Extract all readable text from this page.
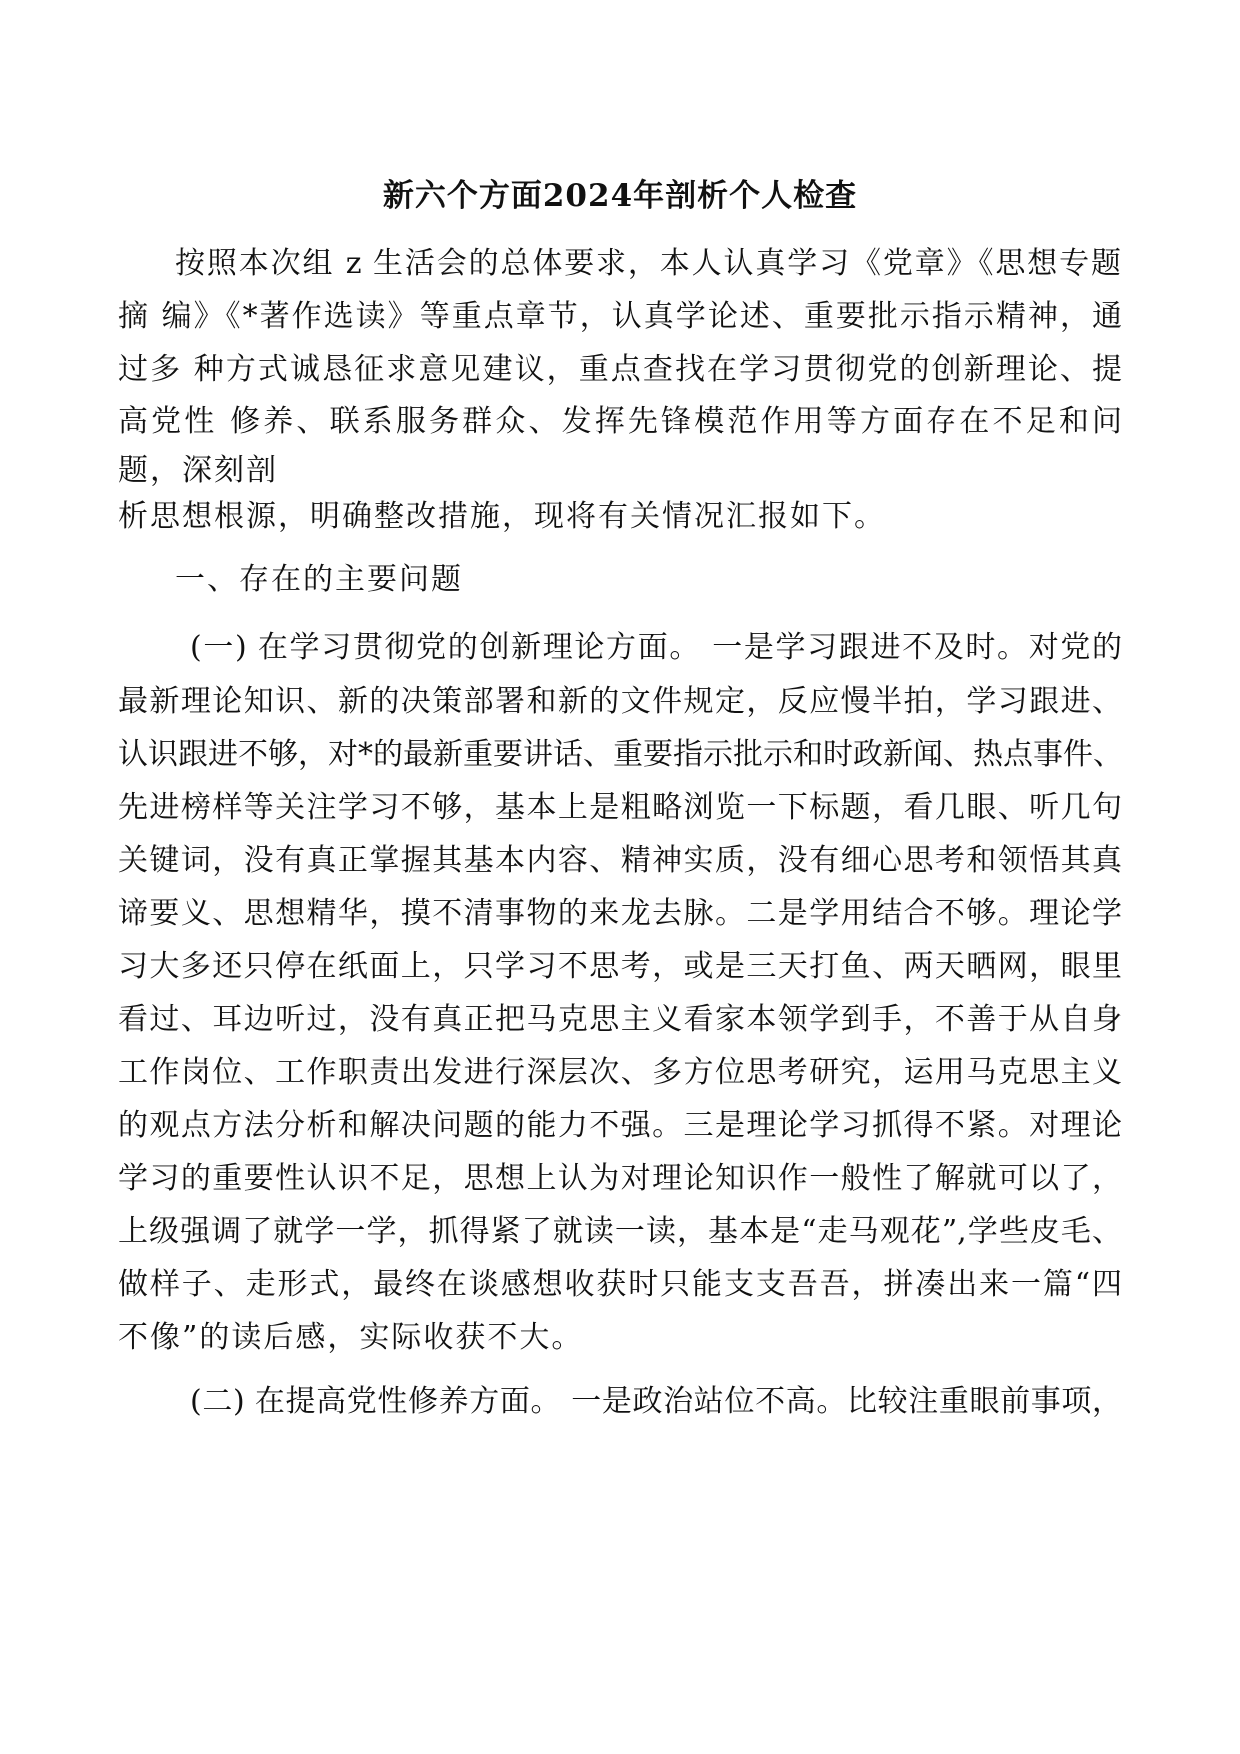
新六个方面2024年剖析个人检查

按照本次组 z 生活会的总体要求，本人认真学习《党章》《思想专题

摘 编》《*著作选读》等重点章节，认真学论述、重要批示指示精神，通

过多 种方式诚恳征求意见建议，重点查找在学习贯彻党的创新理论、提

高党性 修养、联系服务群众、发挥先锋模范作用等方面存在不足和问

题，深刻剖

析思想根源，明确整改措施，现将有关情况汇报如下。

一、存在的主要问题

(一) 在学习贯彻党的创新理论方面。 一是学习跟进不及时。对党的

最新理论知识、新的决策部署和新的文件规定，反应慢半拍，学习跟进、

认识跟进不够，对*的最新重要讲话、重要指示批示和时政新闻、热点事件、

先进榜样等关注学习不够，基本上是粗略浏览一下标题，看几眼、听几句

关键词，没有真正掌握其基本内容、精神实质，没有细心思考和领悟其真

谛要义、思想精华，摸不清事物的来龙去脉。二是学用结合不够。理论学

习大多还只停在纸面上，只学习不思考，或是三天打鱼、两天晒网，眼里

看过、耳边听过，没有真正把马克思主义看家本领学到手，不善于从自身

工作岗位、工作职责出发进行深层次、多方位思考研究，运用马克思主义

的观点方法分析和解决问题的能力不强。三是理论学习抓得不紧。对理论

学习的重要性认识不足，思想上认为对理论知识作一般性了解就可以了，

上级强调了就学一学，抓得紧了就读一读，基本是“走马观花”,学些皮毛、

做样子、走形式，最终在谈感想收获时只能支支吾吾，拼凑出来一篇“四

不像”的读后感，实际收获不大。

(二) 在提高党性修养方面。 一是政治站位不高。比较注重眼前事项，
